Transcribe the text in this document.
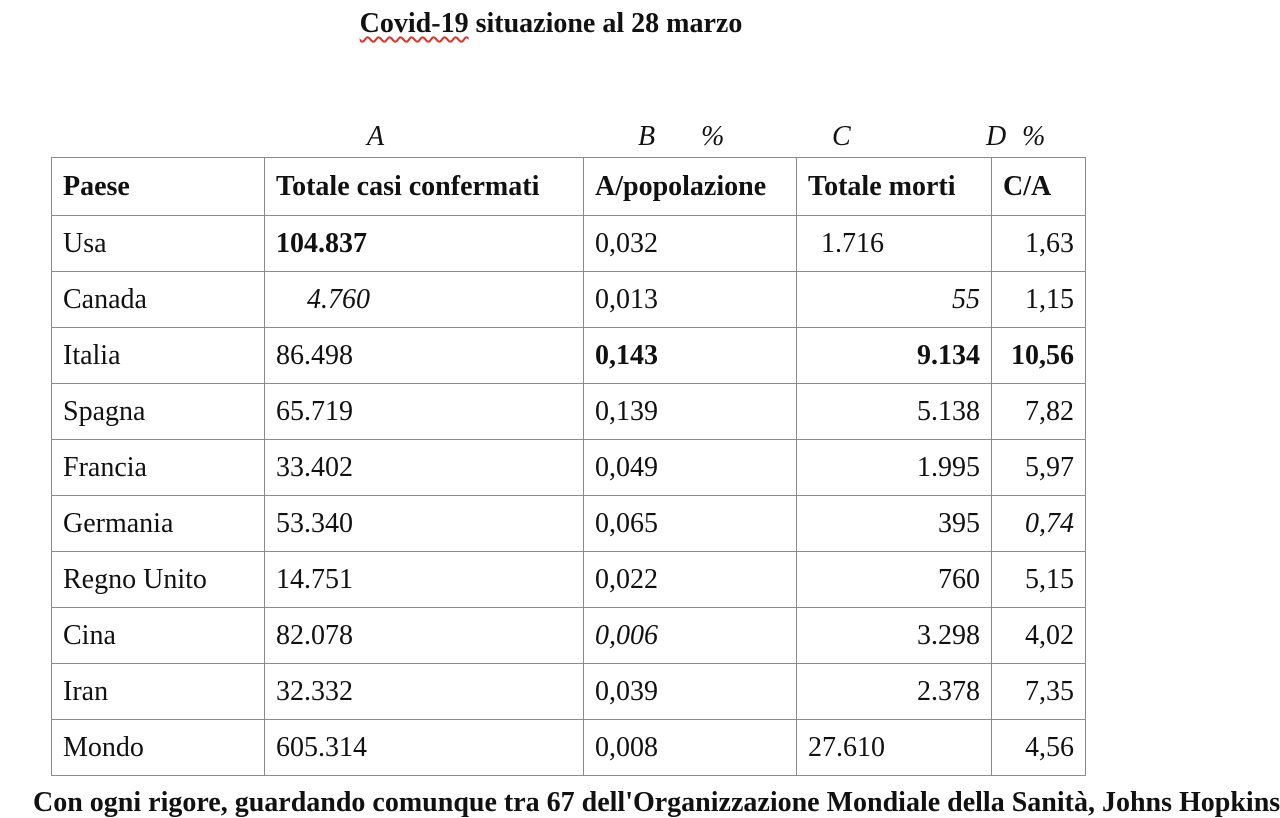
Covid-19 situazione al 28 marzo
A	B %	C	D %
Paese	Totale casi confermati	A/popolazione	Totale morti	C/A
Usa	104.837	0,032	1.716	1,63
Canada	4.760	0,013	55	1,15
Italia	86.498	0,143	9.134	10,56
Spagna	65.719	0,139	5.138	7,82
Francia	33.402	0,049	1.995	5,97
Germania	53.340	0,065	395	0,74
Regno Unito	14.751	0,022	760	5,15
Cina	82.078	0,006	3.298	4,02
Iran	32.332	0,039	2.378	7,35
Mondo	605.314	0,008	27.610	4,56
Con ogni rigore, guardando comunque tra 67 dell'Organizzazione Mondiale della Sanità, Johns Hopkins
